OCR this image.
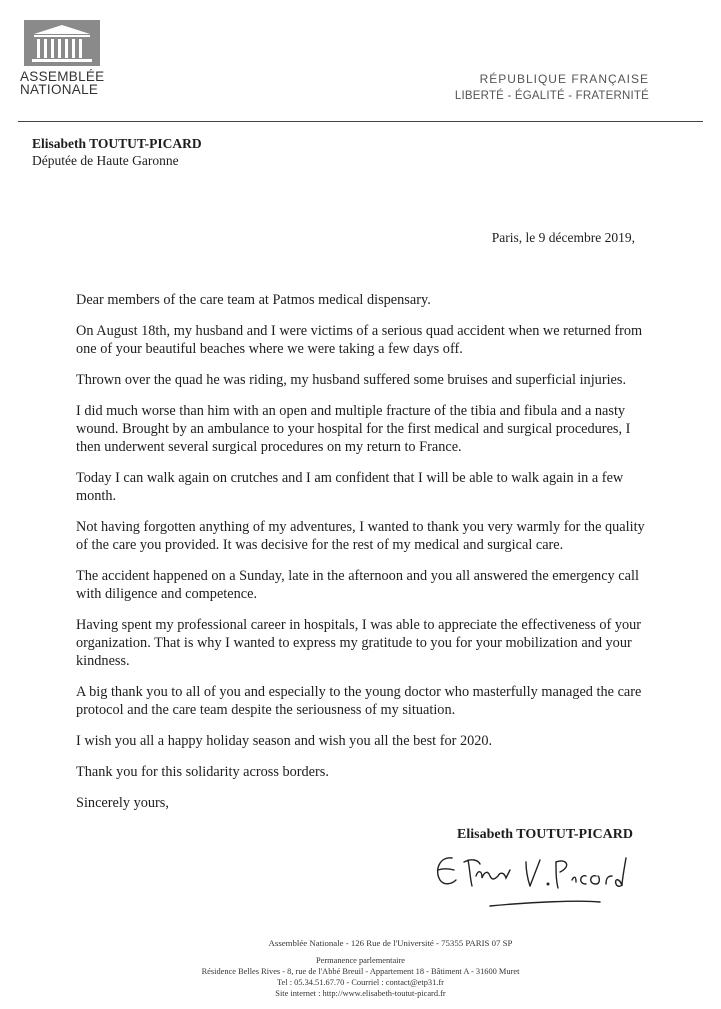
ASSEMBLÉE
NATIONALE
RÉPUBLIQUE FRANÇAISE
LIBERTÉ - ÉGALITÉ - FRATERNITÉ
Elisabeth TOUTUT-PICARD
Députée de Haute Garonne
Paris, le 9 décembre 2019,

Dear members of the care team at Patmos medical dispensary.

On August 18th, my husband and I were victims of a serious quad accident when we returned from one of your beautiful beaches where we were taking a few days off.

Thrown over the quad he was riding, my husband suffered some bruises and superficial injuries.

I did much worse than him with an open and multiple fracture of the tibia and fibula and a nasty wound. Brought by an ambulance to your hospital for the first medical and surgical procedures, I then underwent several surgical procedures on my return to France.

Today I can walk again on crutches and I am confident that I will be able to walk again in a few month.

Not having forgotten anything of my adventures, I wanted to thank you very warmly for the quality of the care you provided. It was decisive for the rest of my medical and surgical care.

The accident happened on a Sunday, late in the afternoon and you all answered the emergency call with diligence and competence.

Having spent my professional career in hospitals, I was able to appreciate the effectiveness of your organization. That is why I wanted to express my gratitude to you for your mobilization and your kindness.

A big thank you to all of you and especially to the young doctor who masterfully managed the care protocol and the care team despite the seriousness of my situation.

I wish you all a happy holiday season and wish you all the best for 2020.

Thank you for this solidarity across borders.

Sincerely yours,

Elisabeth TOUTUT-PICARD
Assemblée Nationale - 126 Rue de l'Université - 75355 PARIS 07 SP
Permanence parlementaire
Résidence Belles Rives - 8, rue de l'Abbé Breuil - Appartement 18 - Bâtiment A - 31600 Muret
Tel : 05.34.51.67.70 - Courriel : contact@etp31.fr
Site internet : http://www.elisabeth-toutut-picard.fr
